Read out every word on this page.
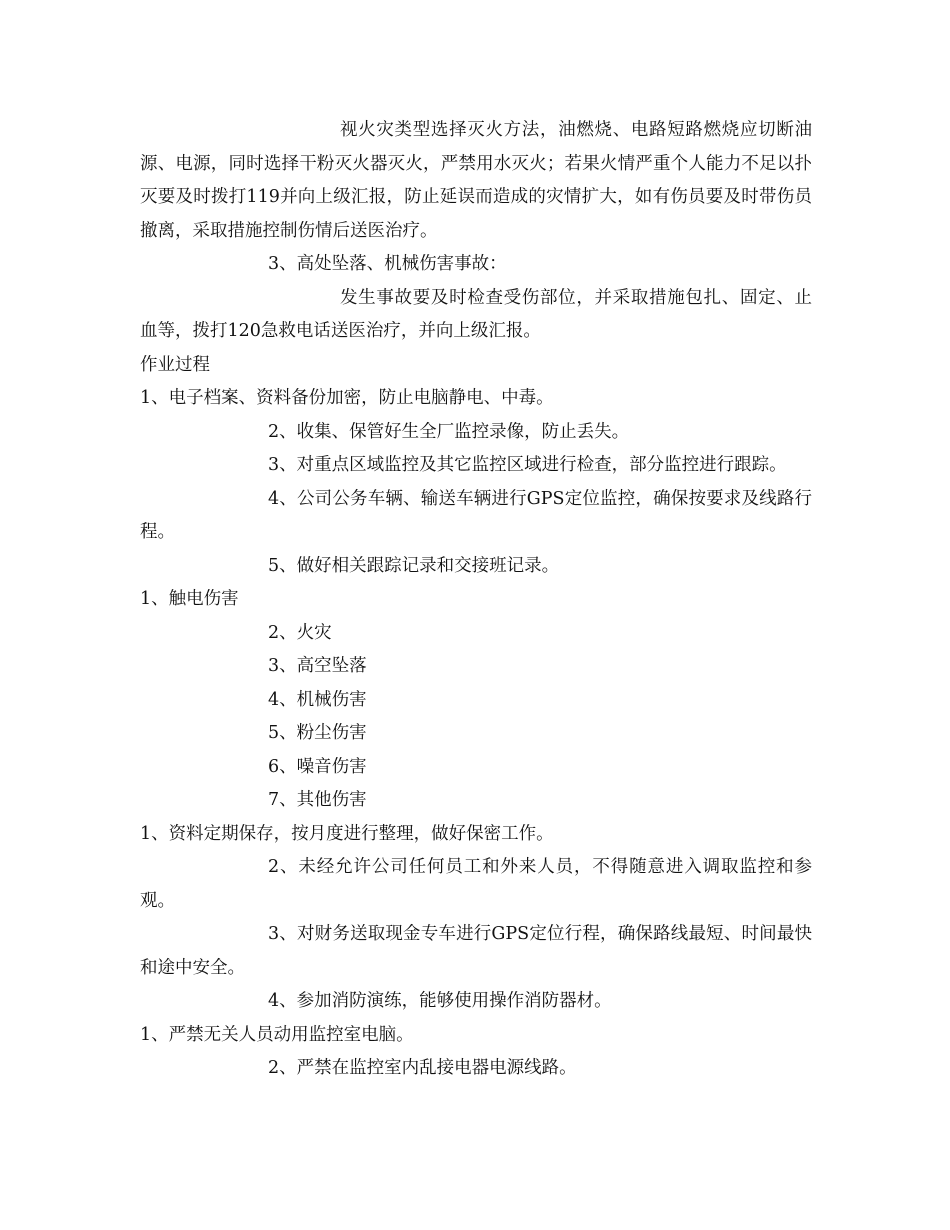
视火灾类型选择灭火方法，油燃烧、电路短路燃烧应切断油源、电源，同时选择干粉灭火器灭火，严禁用水灭火；若果火情严重个人能力不足以扑灭要及时拨打119并向上级汇报，防止延误而造成的灾情扩大，如有伤员要及时带伤员撤离，采取措施控制伤情后送医治疗。

3、高处坠落、机械伤害事故：

发生事故要及时检查受伤部位，并采取措施包扎、固定、止血等，拨打120急救电话送医治疗，并向上级汇报。

作业过程

1、电子档案、资料备份加密，防止电脑静电、中毒。

2、收集、保管好生全厂监控录像，防止丢失。

3、对重点区域监控及其它监控区域进行检查，部分监控进行跟踪。

4、公司公务车辆、输送车辆进行GPS定位监控，确保按要求及线路行程。

5、做好相关跟踪记录和交接班记录。

1、触电伤害

2、火灾

3、高空坠落

4、机械伤害

5、粉尘伤害

6、噪音伤害

7、其他伤害

1、资料定期保存，按月度进行整理，做好保密工作。

2、未经允许公司任何员工和外来人员，不得随意进入调取监控和参观。

3、对财务送取现金专车进行GPS定位行程，确保路线最短、时间最快和途中安全。

4、参加消防演练，能够使用操作消防器材。

1、严禁无关人员动用监控室电脑。

2、严禁在监控室内乱接电器电源线路。
